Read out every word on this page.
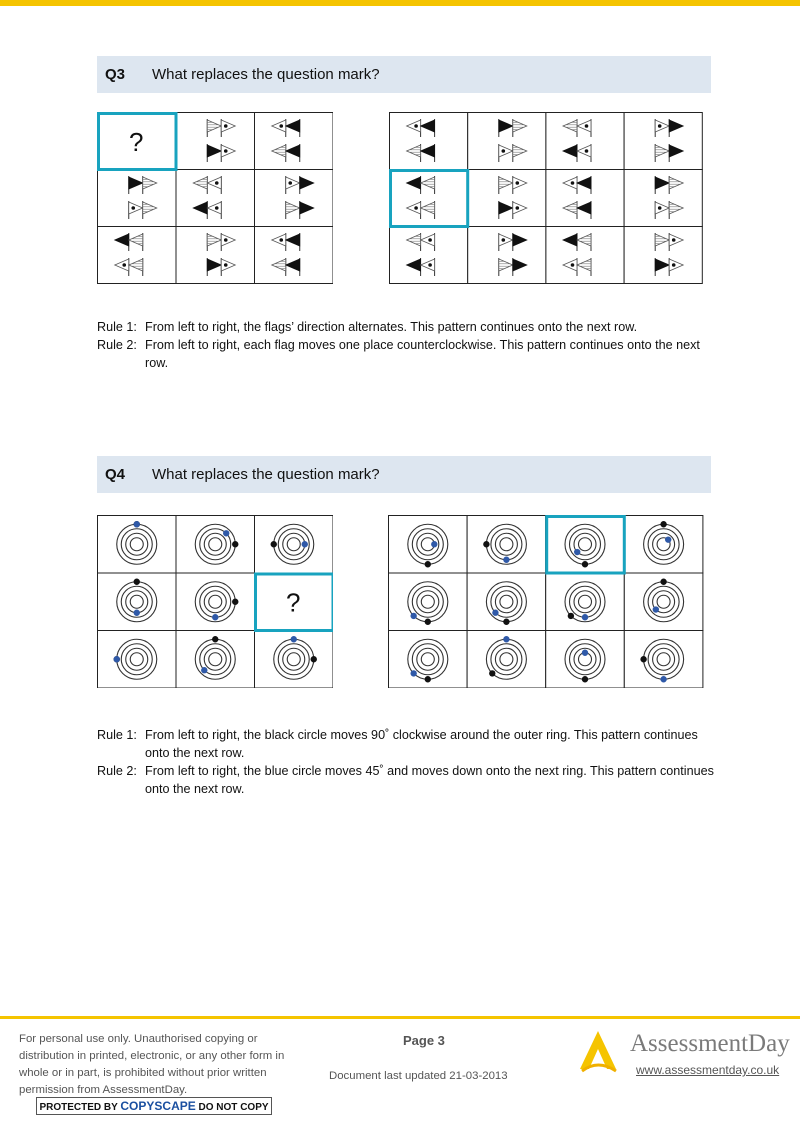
Q3 What replaces the question mark?
?
Rule 1: From left to right, the flags’ direction alternates. This pattern continues onto the next row.
Rule 2: From left to right, each flag moves one place counterclockwise. This pattern continues onto the next row.
Q4 What replaces the question mark?
?
Rule 1: From left to right, the black circle moves 90˚ clockwise around the outer ring. This pattern continues onto the next row.
Rule 2: From left to right, the blue circle moves 45˚ and moves down onto the next ring. This pattern continues onto the next row.
For personal use only. Unauthorised copying or distribution in printed, electronic, or any other form in whole or in part, is prohibited without prior written permission from AssessmentDay.
Page 3
Document last updated 21-03-2013
PROTECTED BY COPYSCAPE DO NOT COPY
AssessmentDay
www.assessmentday.co.uk
